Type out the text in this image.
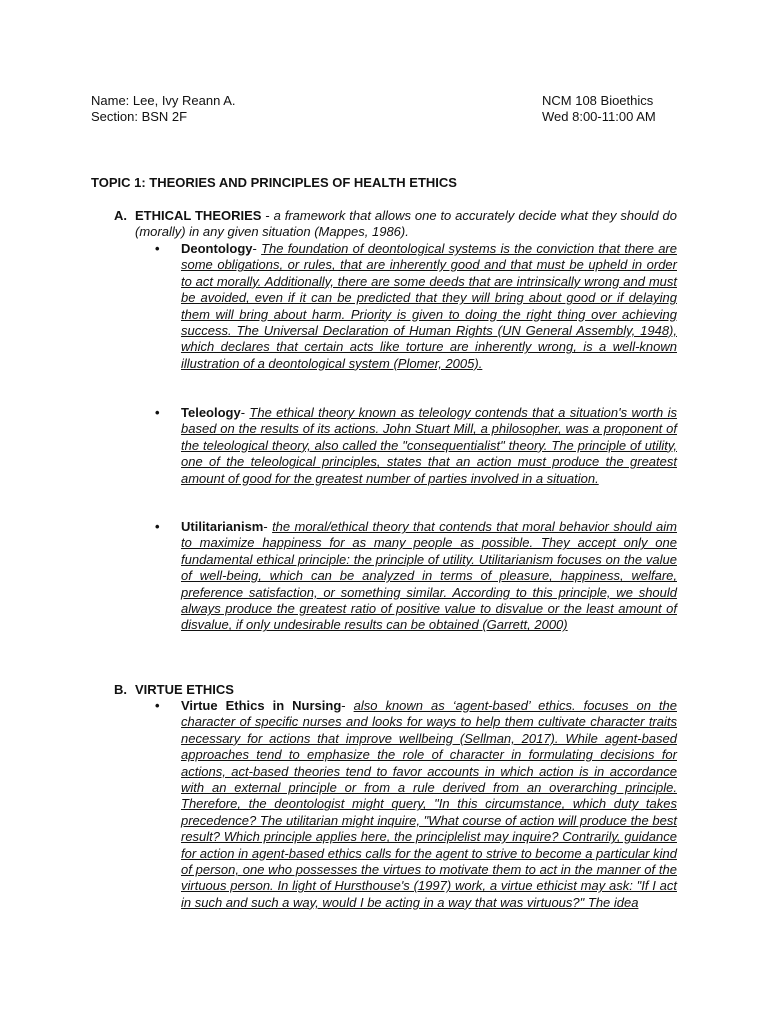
Name: Lee, Ivy Reann A.	NCM 108 Bioethics
Section: BSN 2F	Wed 8:00-11:00 AM
TOPIC 1: THEORIES AND PRINCIPLES OF HEALTH ETHICS
A. ETHICAL THEORIES - a framework that allows one to accurately decide what they should do (morally) in any given situation (Mappes, 1986).
• Deontology- The foundation of deontological systems is the conviction that there are some obligations, or rules, that are inherently good and that must be upheld in order to act morally. Additionally, there are some deeds that are intrinsically wrong and must be avoided, even if it can be predicted that they will bring about good or if delaying them will bring about harm. Priority is given to doing the right thing over achieving success. The Universal Declaration of Human Rights (UN General Assembly, 1948), which declares that certain acts like torture are inherently wrong, is a well-known illustration of a deontological system (Plomer, 2005).
• Teleology- The ethical theory known as teleology contends that a situation's worth is based on the results of its actions. John Stuart Mill, a philosopher, was a proponent of the teleological theory, also called the "consequentialist" theory. The principle of utility, one of the teleological principles, states that an action must produce the greatest amount of good for the greatest number of parties involved in a situation.
• Utilitarianism- the moral/ethical theory that contends that moral behavior should aim to maximize happiness for as many people as possible. They accept only one fundamental ethical principle: the principle of utility. Utilitarianism focuses on the value of well-being, which can be analyzed in terms of pleasure, happiness, welfare, preference satisfaction, or something similar. According to this principle, we should always produce the greatest ratio of positive value to disvalue or the least amount of disvalue, if only undesirable results can be obtained (Garrett, 2000)
B. VIRTUE ETHICS
• Virtue Ethics in Nursing- also known as ‘agent-based’ ethics. focuses on the character of specific nurses and looks for ways to help them cultivate character traits necessary for actions that improve wellbeing (Sellman, 2017). While agent-based approaches tend to emphasize the role of character in formulating decisions for actions, act-based theories tend to favor accounts in which action is in accordance with an external principle or from a rule derived from an overarching principle. Therefore, the deontologist might query, "In this circumstance, which duty takes precedence? The utilitarian might inquire, "What course of action will produce the best result? Which principle applies here, the principlelist may inquire? Contrarily, guidance for action in agent-based ethics calls for the agent to strive to become a particular kind of person, one who possesses the virtues to motivate them to act in the manner of the virtuous person. In light of Hursthouse's (1997) work, a virtue ethicist may ask: "If I act in such and such a way, would I be acting in a way that was virtuous?" The idea
